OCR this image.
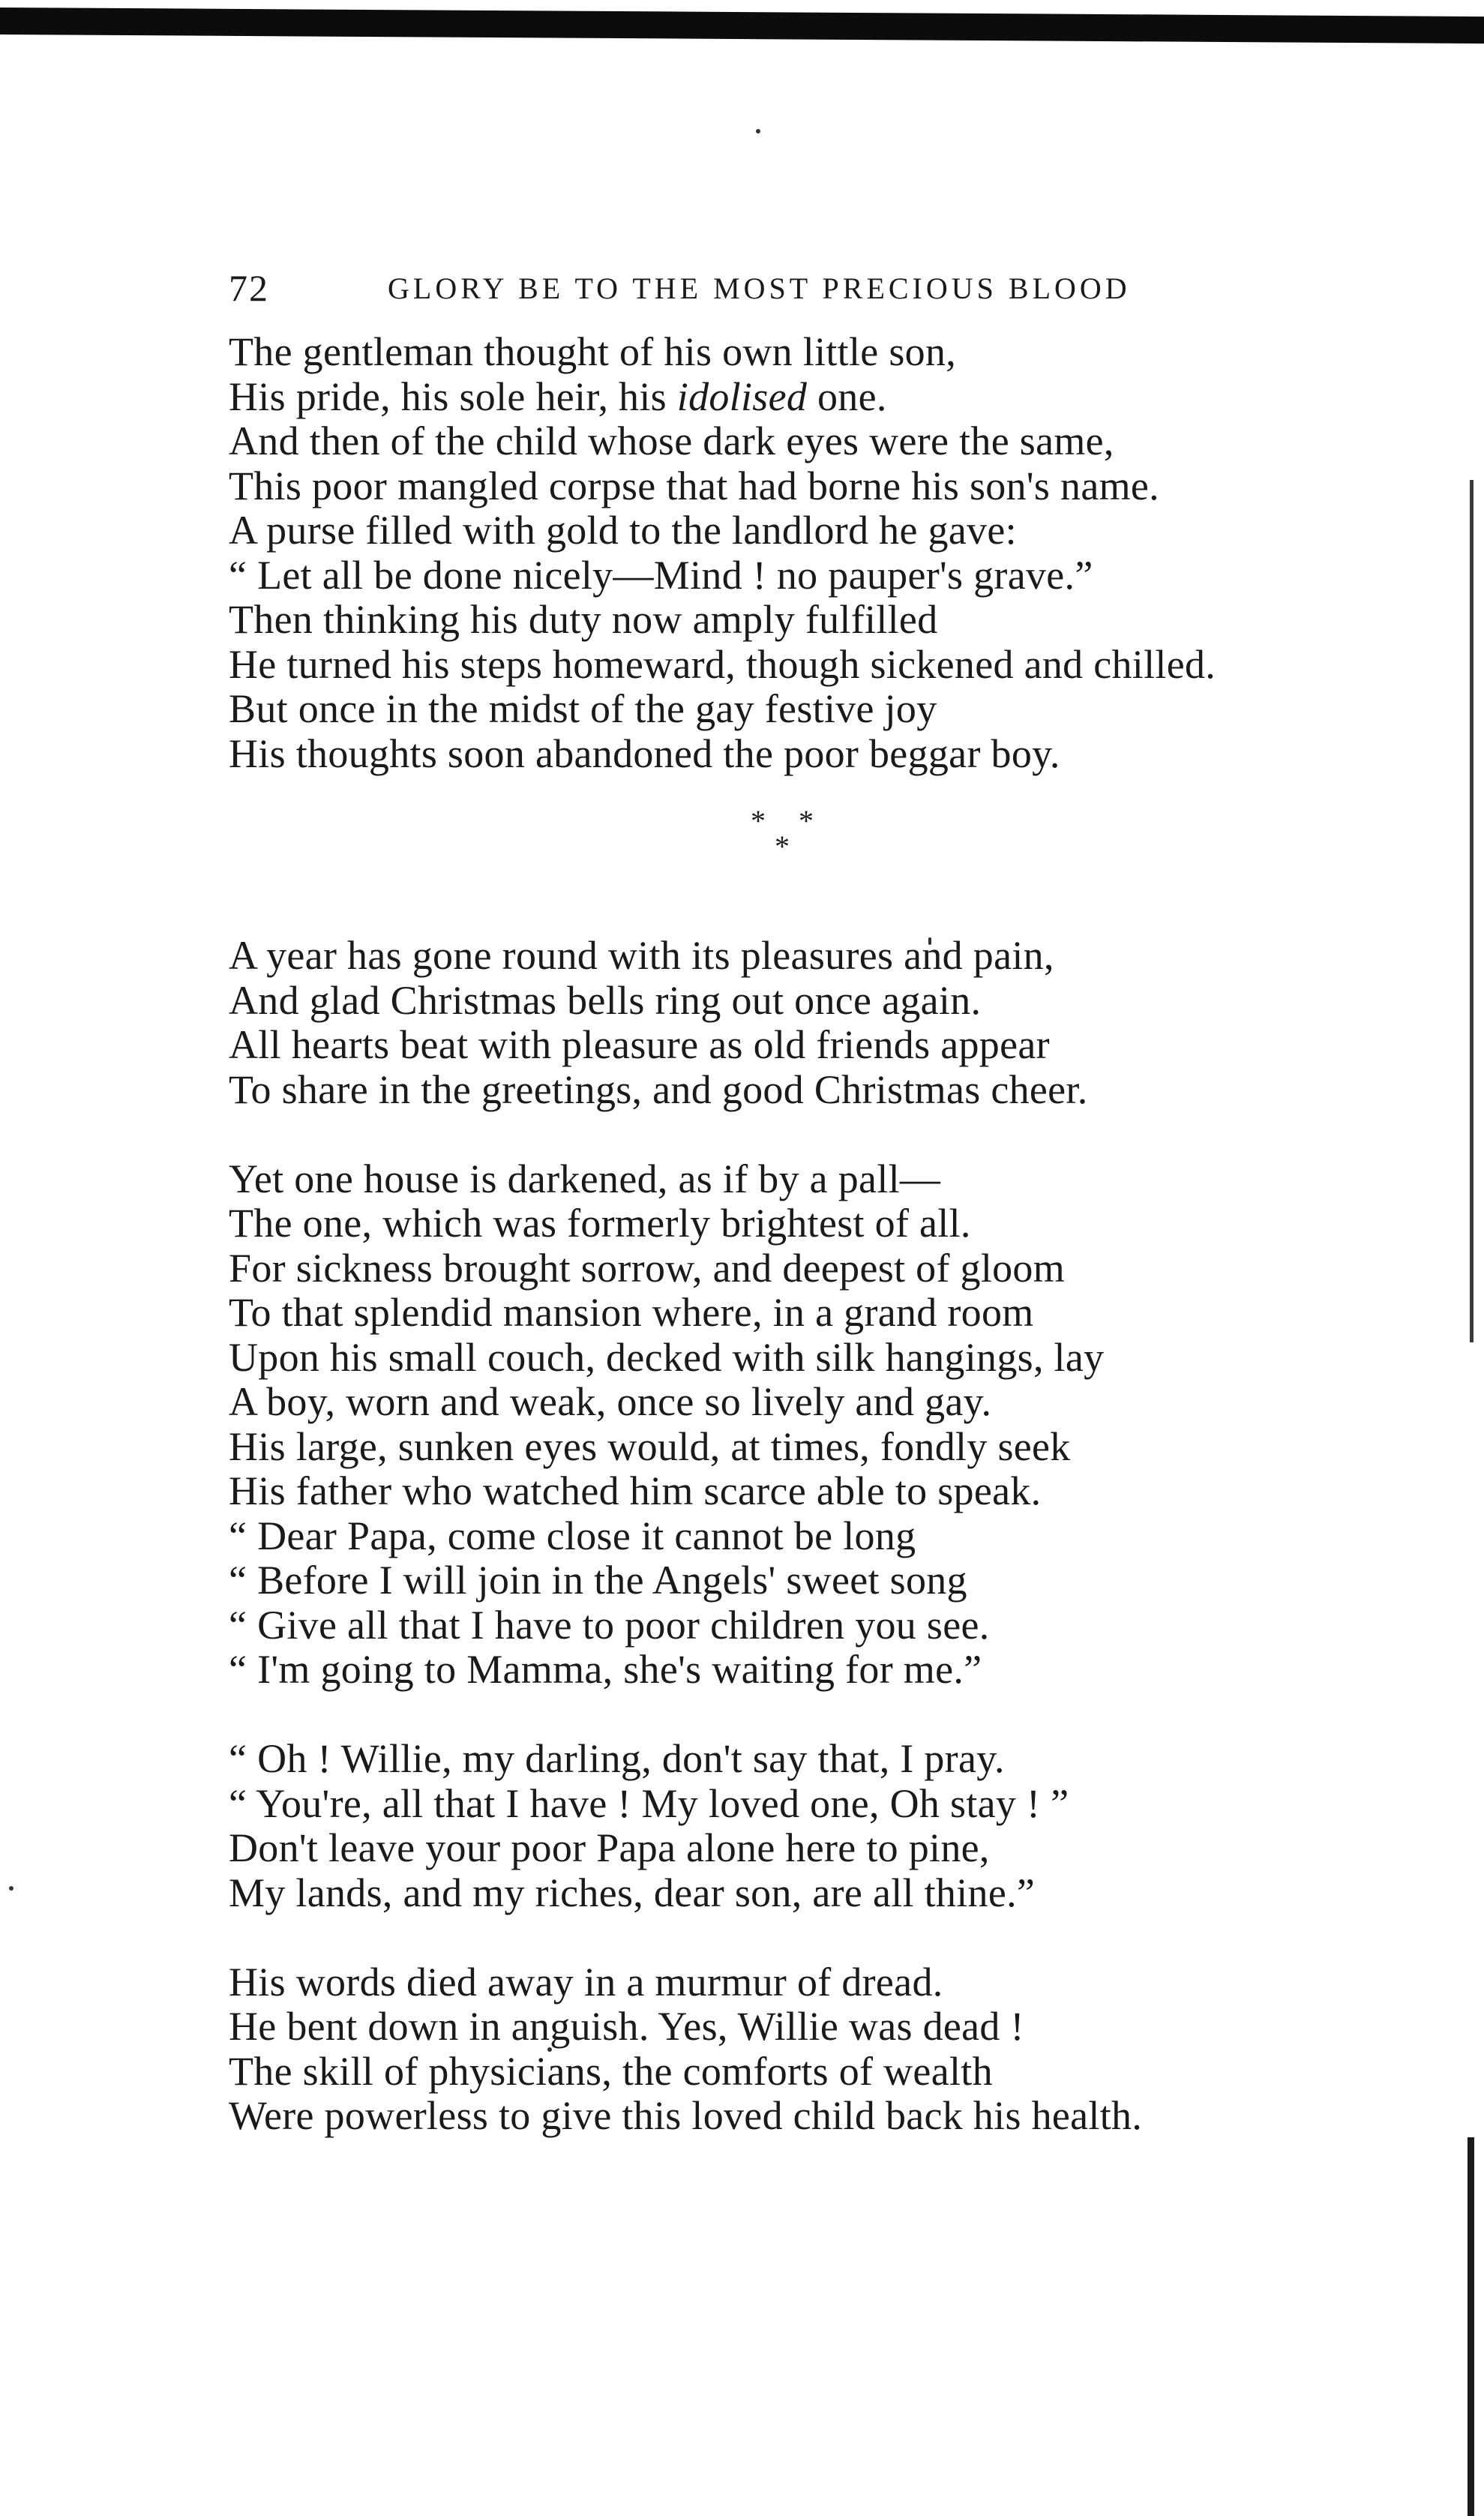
72	GLORY BE TO THE MOST PRECIOUS BLOOD
The gentleman thought of his own little son,
His pride, his sole heir, his idolised one.
And then of the child whose dark eyes were the same,
This poor mangled corpse that had borne his son's name.
A purse filled with gold to the landlord he gave:
“ Let all be done nicely—Mind ! no pauper's grave.”
Then thinking his duty now amply fulfilled
He turned his steps homeward, though sickened and chilled.
But once in the midst of the gay festive joy
His thoughts soon abandoned the poor beggar boy.
* *
*
A year has gone round with its pleasures and pain,
And glad Christmas bells ring out once again.
All hearts beat with pleasure as old friends appear
To share in the greetings, and good Christmas cheer.
Yet one house is darkened, as if by a pall—
The one, which was formerly brightest of all.
For sickness brought sorrow, and deepest of gloom
To that splendid mansion where, in a grand room
Upon his small couch, decked with silk hangings, lay
A boy, worn and weak, once so lively and gay.
His large, sunken eyes would, at times, fondly seek
His father who watched him scarce able to speak.
“ Dear Papa, come close it cannot be long
“ Before I will join in the Angels' sweet song
“ Give all that I have to poor children you see.
“ I'm going to Mamma, she's waiting for me.”
“ Oh ! Willie, my darling, don't say that, I pray.
“ You're, all that I have ! My loved one, Oh stay ! ”
Don't leave your poor Papa alone here to pine,
My lands, and my riches, dear son, are all thine.”
His words died away in a murmur of dread.
He bent down in anguish. Yes, Willie was dead !
The skill of physicians, the comforts of wealth
Were powerless to give this loved child back his health.
